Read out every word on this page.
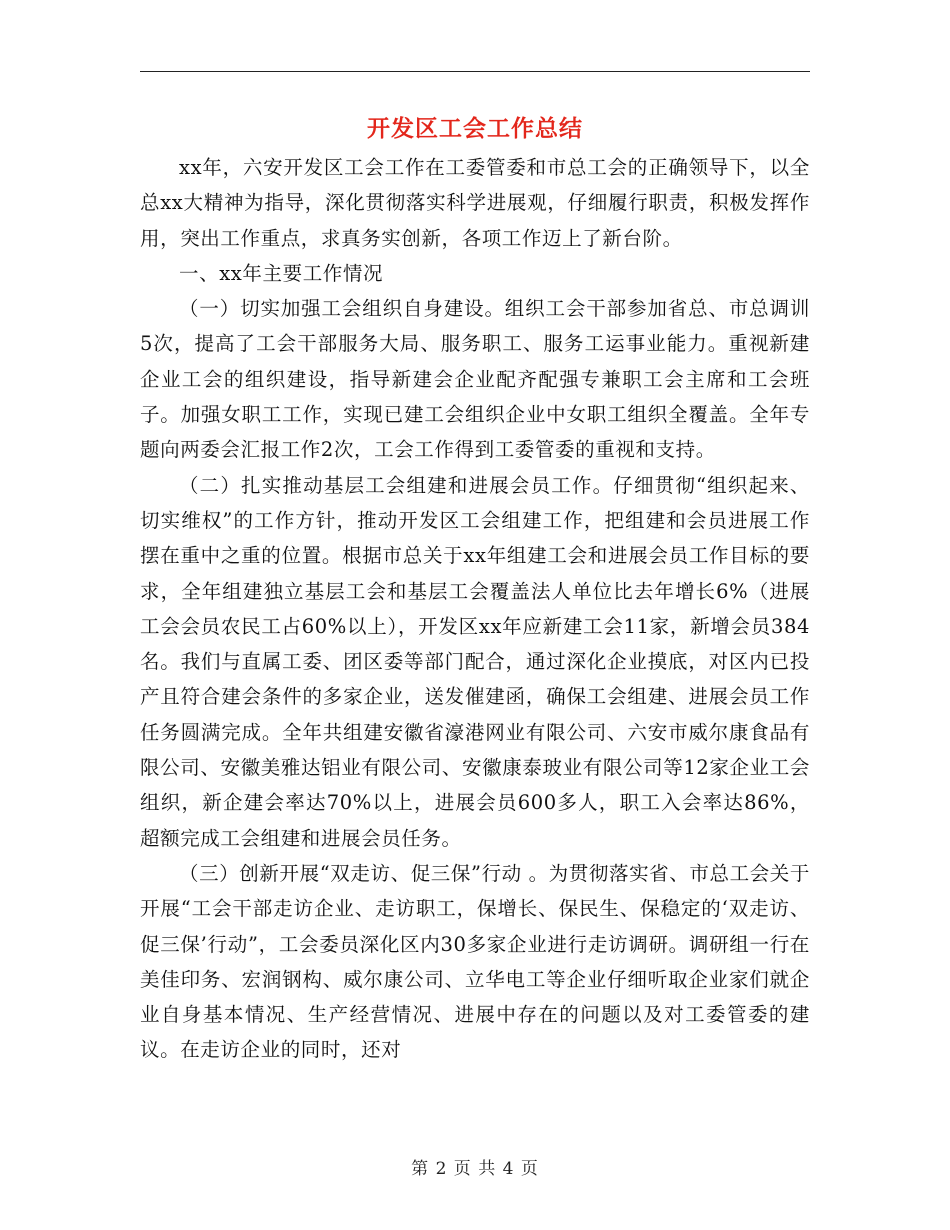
开发区工会工作总结

xx年，六安开发区工会工作在工委管委和市总工会的正确领导下，以全总xx大精神为指导，深化贯彻落实科学进展观，仔细履行职责，积极发挥作用，突出工作重点，求真务实创新，各项工作迈上了新台阶。

一、xx年主要工作情况

（一）切实加强工会组织自身建设。组织工会干部参加省总、市总调训5次，提高了工会干部服务大局、服务职工、服务工运事业能力。重视新建企业工会的组织建设，指导新建会企业配齐配强专兼职工会主席和工会班子。加强女职工工作，实现已建工会组织企业中女职工组织全覆盖。全年专题向两委会汇报工作2次，工会工作得到工委管委的重视和支持。

（二）扎实推动基层工会组建和进展会员工作。仔细贯彻“组织起来、切实维权”的工作方针，推动开发区工会组建工作，把组建和会员进展工作摆在重中之重的位置。根据市总关于xx年组建工会和进展会员工作目标的要求，全年组建独立基层工会和基层工会覆盖法人单位比去年增长6%（进展工会会员农民工占60%以上），开发区xx年应新建工会11家，新增会员384名。我们与直属工委、团区委等部门配合，通过深化企业摸底，对区内已投产且符合建会条件的多家企业，送发催建函，确保工会组建、进展会员工作任务圆满完成。全年共组建安徽省濠港网业有限公司、六安市威尔康食品有限公司、安徽美雅达铝业有限公司、安徽康泰玻业有限公司等12家企业工会组织，新企建会率达70%以上，进展会员600多人，职工入会率达86%，超额完成工会组建和进展会员任务。

（三）创新开展“双走访、促三保”行动 。为贯彻落实省、市总工会关于开展“工会干部走访企业、走访职工，保增长、保民生、保稳定的‘双走访、促三保’行动”，工会委员深化区内30多家企业进行走访调研。调研组一行在美佳印务、宏润钢构、威尔康公司、立华电工等企业仔细听取企业家们就企业自身基本情况、生产经营情况、进展中存在的问题以及对工委管委的建议。在走访企业的同时，还对

第 2 页 共 4 页
